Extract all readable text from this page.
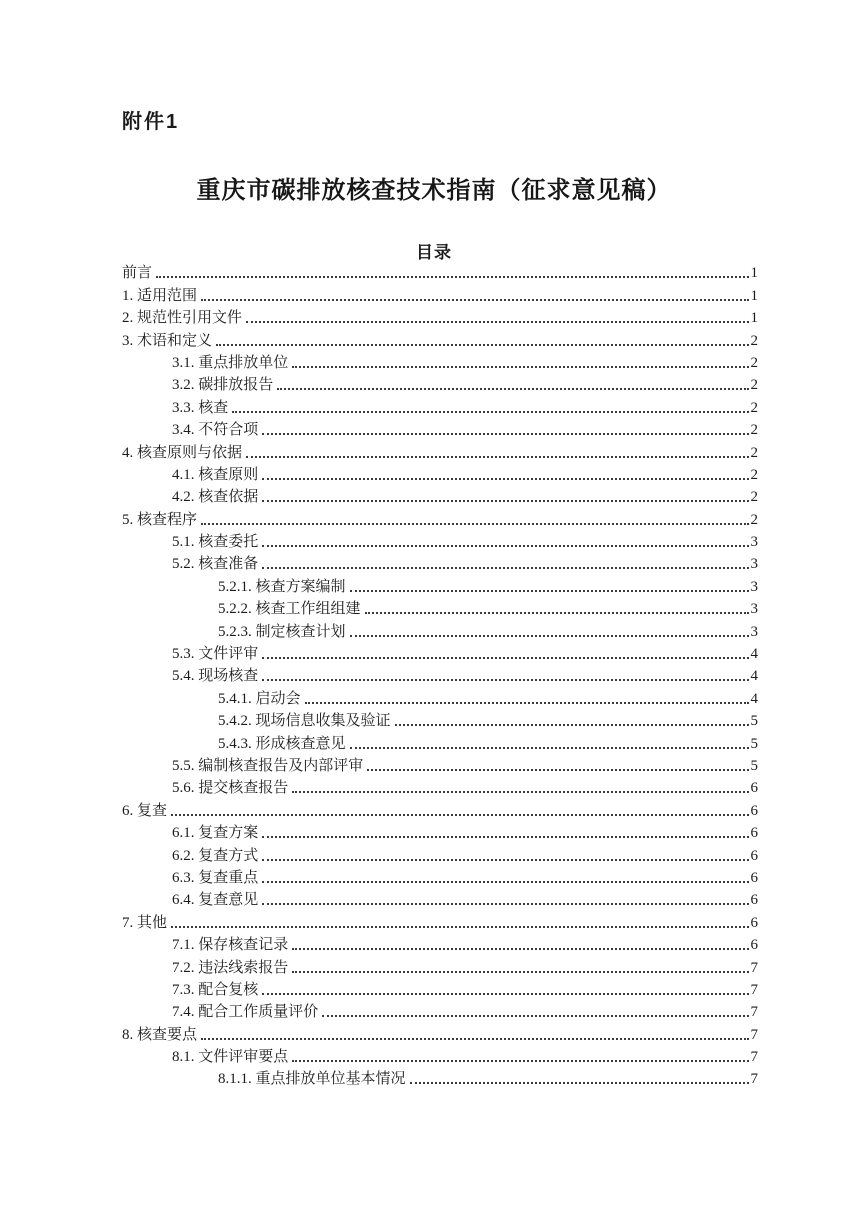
附件1
重庆市碳排放核查技术指南（征求意见稿）
目录
前言	1
1. 适用范围	1
2. 规范性引用文件	1
3. 术语和定义	2
3.1. 重点排放单位	2
3.2. 碳排放报告	2
3.3. 核查	2
3.4. 不符合项	2
4. 核查原则与依据	2
4.1. 核查原则	2
4.2. 核查依据	2
5. 核查程序	2
5.1. 核查委托	3
5.2. 核查准备	3
5.2.1. 核查方案编制	3
5.2.2. 核查工作组组建	3
5.2.3. 制定核查计划	3
5.3. 文件评审	4
5.4. 现场核查	4
5.4.1. 启动会	4
5.4.2. 现场信息收集及验证	5
5.4.3. 形成核查意见	5
5.5. 编制核查报告及内部评审	5
5.6. 提交核查报告	6
6. 复查	6
6.1. 复查方案	6
6.2. 复查方式	6
6.3. 复查重点	6
6.4. 复查意见	6
7. 其他	6
7.1. 保存核查记录	6
7.2. 违法线索报告	7
7.3. 配合复核	7
7.4. 配合工作质量评价	7
8. 核查要点	7
8.1. 文件评审要点	7
8.1.1. 重点排放单位基本情况	7
